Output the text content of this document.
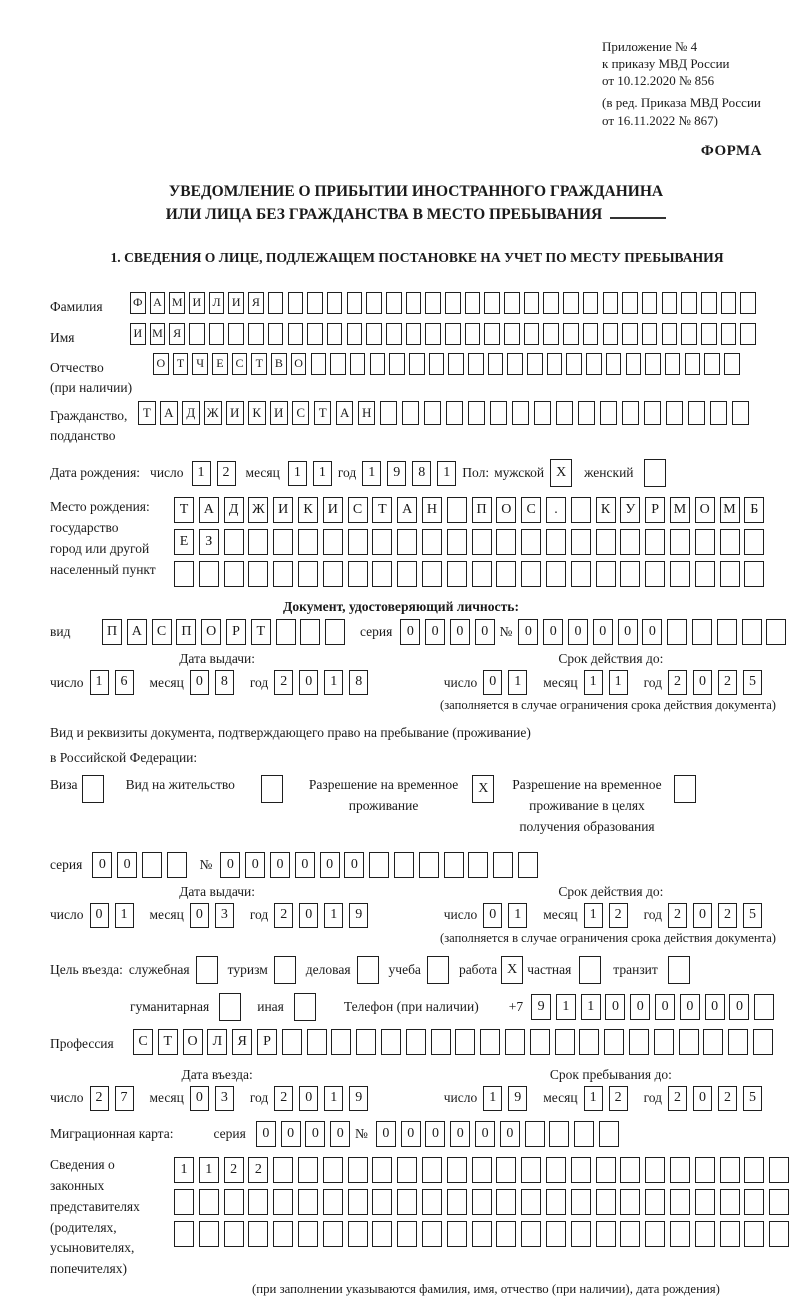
Приложение № 4
к приказу МВД России
от 10.12.2020 № 856
(в ред. Приказа МВД России
от 16.11.2022 № 867)
ФОРМА
УВЕДОМЛЕНИЕ О ПРИБЫТИИ ИНОСТРАННОГО ГРАЖДАНИНА
ИЛИ ЛИЦА БЕЗ ГРАЖДАНСТВА В МЕСТО ПРЕБЫВАНИЯ
1. СВЕДЕНИЯ О ЛИЦЕ, ПОДЛЕЖАЩЕМ ПОСТАНОВКЕ НА УЧЕТ ПО МЕСТУ ПРЕБЫВАНИЯ
Фамилия	Ф А М И Л И Я
Имя	И М Я
Отчество
(при наличии)
О Т	Ч	Е	С	Т	В О
Гражданство,
подданство
Т	А Д Ж И К И С	Т	А Н
Дата рождения: число	1	2	месяц	1	1 год 1	9	8	1 Пол: мужской X	женский
Место рождения:
государство
город или другой
населенный пункт
Т	А	Д Ж И	К	И	С	Т	А	Н	П	О	С	.	К	У	Р	М О М	Б
Е	З
Документ, удостоверяющий личность:
вид	П	А	С	П	О	Р	Т	серия	0	0	0	0 № 0	0	0	0	0	0
Дата выдачи:
число 1	6	месяц 0	8	год 2	0	1	8
Срок действия до:
число 0	1	месяц 1	1	год 2	0	2	5
(заполняется в случае ограничения срока действия документа)
Вид и реквизиты документа, подтверждающего право на пребывание (проживание)
в Российской Федерации:
Виза	Вид на жительство	Разрешение на временное
проживание
X	Разрешение на временное
проживание в целях
получения образования
серия	0	0	№	0	0	0	0	0	0
Дата выдачи:
число 0	1	месяц 0	3	год 2	0	1	9
Срок действия до:
число 0	1	месяц 1	2	год 2	0	2	5
(заполняется в случае ограничения срока действия документа)
Цель въезда: служебная	туризм	деловая	учеба	работа X частная	транзит
гуманитарная	иная	Телефон (при наличии) +7	9	1	1	0	0	0	0	0	0
Профессия	С	Т	О	Л	Я	Р
Дата въезда:
число 2	7	месяц 0	3	год 2	0	1	9
Срок пребывания до:
число 1	9	месяц 1	2	год 2	0	2	5
Миграционная карта:	серия	0	0	0	0 №	0	0	0	0	0	0
Сведения о
законных
представителях
(родителях,
усыновителях,
попечителях)
1	1	2	2
(при заполнении указываются фамилия, имя, отчество (при наличии), дата рождения)
